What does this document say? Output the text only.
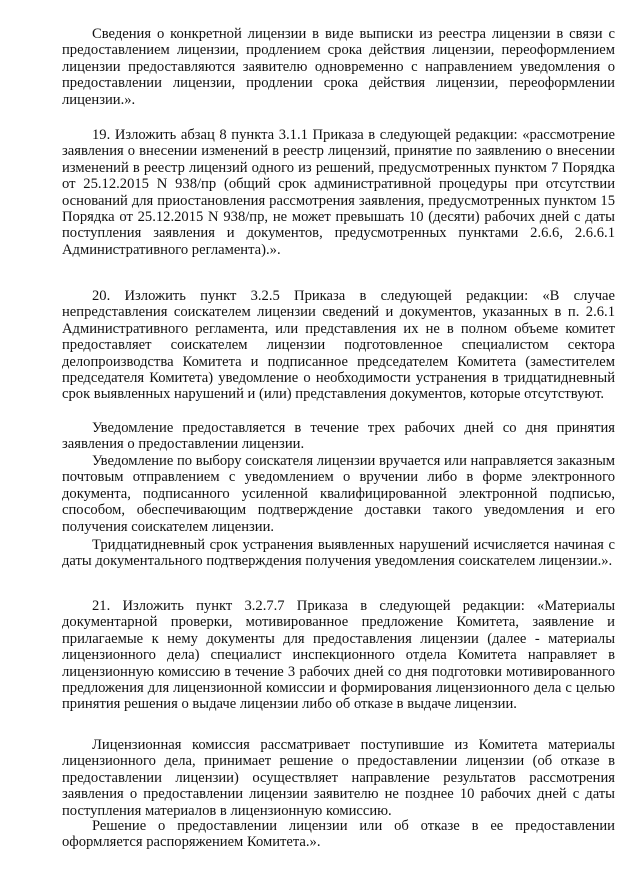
Сведения о конкретной лицензии в виде выписки из реестра лицензии в связи с предоставлением лицензии, продлением срока действия лицензии, переоформлением лицензии предоставляются заявителю одновременно с направлением уведомления о предоставлении лицензии, продлении срока действия лицензии, переоформлении лицензии.».

19. Изложить абзац 8 пункта 3.1.1 Приказа в следующей редакции: «рассмотрение заявления о внесении изменений в реестр лицензий, принятие по заявлению о внесении изменений в реестр лицензий одного из решений, предусмотренных пунктом 7 Порядка от 25.12.2015 N 938/пр (общий срок административной процедуры при отсутствии оснований для приостановления рассмотрения заявления, предусмотренных пунктом 15 Порядка от 25.12.2015 N 938/пр, не может превышать 10 (десяти) рабочих дней с даты поступления заявления и документов, предусмотренных пунктами 2.6.6, 2.6.6.1 Административного регламента).».

20. Изложить пункт 3.2.5 Приказа в следующей редакции: «В случае непредставления соискателем лицензии сведений и документов, указанных в п. 2.6.1 Административного регламента, или представления их не в полном объеме комитет предоставляет соискателем лицензии подготовленное специалистом сектора делопроизводства Комитета и подписанное председателем Комитета (заместителем председателя Комитета) уведомление о необходимости устранения в тридцатидневный срок выявленных нарушений и (или) представления документов, которые отсутствуют.

Уведомление предоставляется в течение трех рабочих дней со дня принятия заявления о предоставлении лицензии.

Уведомление по выбору соискателя лицензии вручается или направляется заказным почтовым отправлением с уведомлением о вручении либо в форме электронного документа, подписанного усиленной квалифицированной электронной подписью, способом, обеспечивающим подтверждение доставки такого уведомления и его получения соискателем лицензии.

Тридцатидневный срок устранения выявленных нарушений исчисляется начиная с даты документального подтверждения получения уведомления соискателем лицензии.».

21. Изложить пункт 3.2.7.7 Приказа в следующей редакции: «Материалы документарной проверки, мотивированное предложение Комитета, заявление и прилагаемые к нему документы для предоставления лицензии (далее - материалы лицензионного дела) специалист инспекционного отдела Комитета направляет в лицензионную комиссию в течение 3 рабочих дней со дня подготовки мотивированного предложения для лицензионной комиссии и формирования лицензионного дела с целью принятия решения о выдаче лицензии либо об отказе в выдаче лицензии.

Лицензионная комиссия рассматривает поступившие из Комитета материалы лицензионного дела, принимает решение о предоставлении лицензии (об отказе в предоставлении лицензии) осуществляет направление результатов рассмотрения заявления о предоставлении лицензии заявителю не позднее 10 рабочих дней с даты поступления материалов в лицензионную комиссию.

Решение о предоставлении лицензии или об отказе в ее предоставлении оформляется распоряжением Комитета.».
